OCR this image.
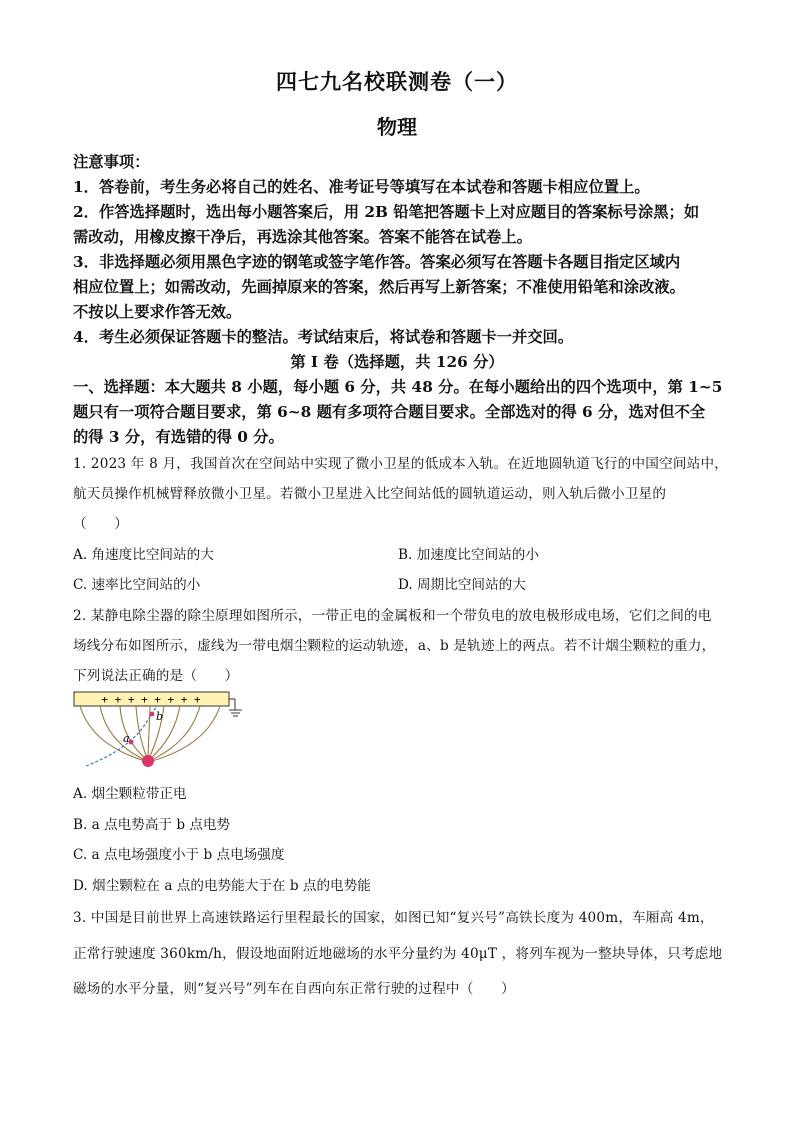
四七九名校联测卷（一）
物理
注意事项：
1．答卷前，考生务必将自己的姓名、准考证号等填写在本试卷和答题卡相应位置上。
2．作答选择题时，选出每小题答案后，用 2B 铅笔把答题卡上对应题目的答案标号涂黑；如
需改动，用橡皮擦干净后，再选涂其他答案。答案不能答在试卷上。
3．非选择题必须用黑色字迹的钢笔或签字笔作答。答案必须写在答题卡各题目指定区域内
相应位置上；如需改动，先画掉原来的答案，然后再写上新答案；不准使用铅笔和涂改液。
不按以上要求作答无效。
4．考生必须保证答题卡的整洁。考试结束后，将试卷和答题卡一并交回。
第 I 卷（选择题，共 126 分）
一、选择题：本大题共 8 小题，每小题 6 分，共 48 分。在每小题给出的四个选项中，第 1~5
题只有一项符合题目要求，第 6~8 题有多项符合题目要求。全部选对的得 6 分，选对但不全
的得 3 分，有选错的得 0 分。
1. 2023 年 8 月，我国首次在空间站中实现了微小卫星的低成本入轨。在近地圆轨道飞行的中国空间站中，
航天员操作机械臂释放微小卫星。若微小卫星进入比空间站低的圆轨道运动，则入轨后微小卫星的
（　　）
A. 角速度比空间站的大	B. 加速度比空间站的小
C. 速率比空间站的小	D. 周期比空间站的大
2. 某静电除尘器的除尘原理如图所示，一带正电的金属板和一个带负电的放电极形成电场，它们之间的电
场线分布如图所示，虚线为一带电烟尘颗粒的运动轨迹，a、b 是轨迹上的两点。若不计烟尘颗粒的重力，
下列说法正确的是（　　）
+ + + + + + + +
a
b
A. 烟尘颗粒带正电
B. a 点电势高于 b 点电势
C. a 点电场强度小于 b 点电场强度
D. 烟尘颗粒在 a 点的电势能大于在 b 点的电势能
3. 中国是目前世界上高速铁路运行里程最长的国家，如图已知“复兴号”高铁长度为 400m，车厢高 4m，
正常行驶速度 360km/h，假设地面附近地磁场的水平分量约为 40μT ，将列车视为一整块导体，只考虑地
磁场的水平分量，则“复兴号”列车在自西向东正常行驶的过程中（　　）
